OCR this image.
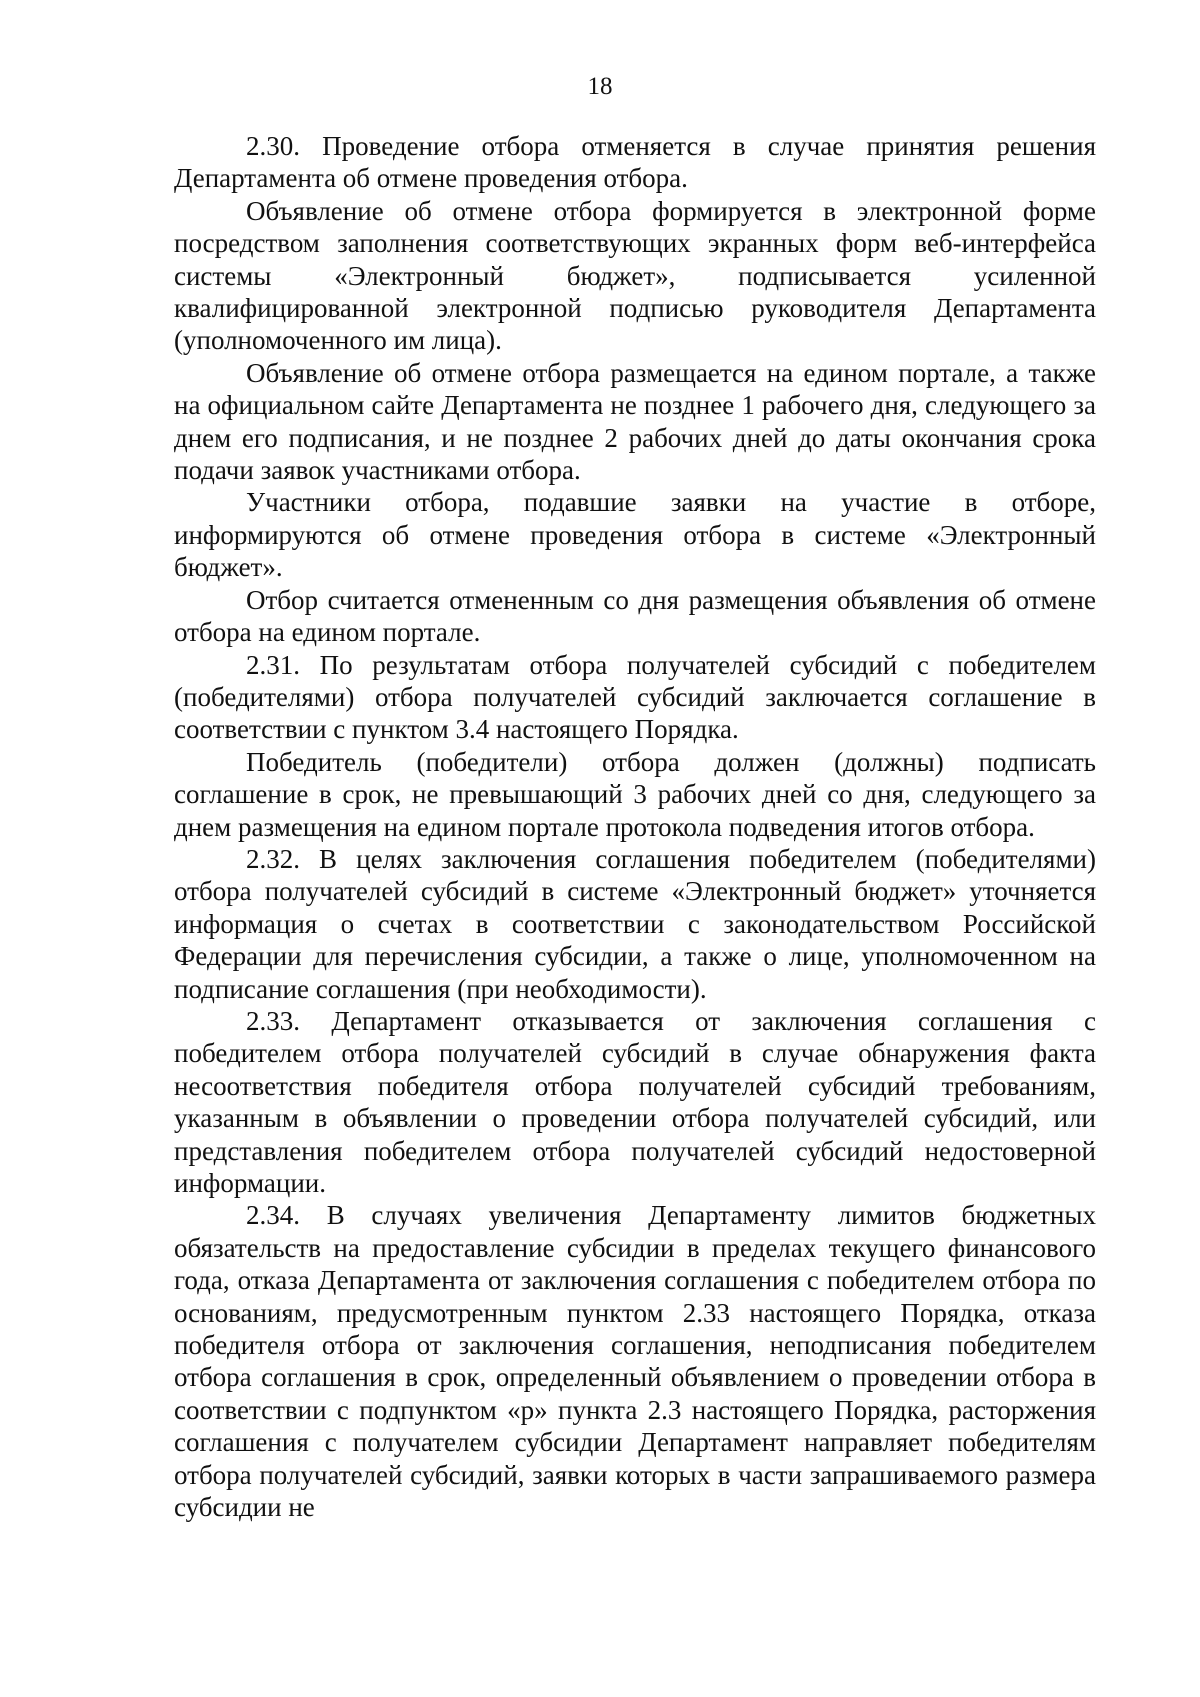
18

2.30. Проведение отбора отменяется в случае принятия решения Департамента об отмене проведения отбора.

Объявление об отмене отбора формируется в электронной форме посредством заполнения соответствующих экранных форм веб-интерфейса системы «Электронный бюджет», подписывается усиленной квалифицированной электронной подписью руководителя Департамента (уполномоченного им лица).

Объявление об отмене отбора размещается на едином портале, а также на официальном сайте Департамента не позднее 1 рабочего дня, следующего за днем его подписания, и не позднее 2 рабочих дней до даты окончания срока подачи заявок участниками отбора.

Участники отбора, подавшие заявки на участие в отборе, информируются об отмене проведения отбора в системе «Электронный бюджет».

Отбор считается отмененным со дня размещения объявления об отмене отбора на едином портале.

2.31. По результатам отбора получателей субсидий с победителем (победителями) отбора получателей субсидий заключается соглашение в соответствии с пунктом 3.4 настоящего Порядка.

Победитель (победители) отбора должен (должны) подписать соглашение в срок, не превышающий 3 рабочих дней со дня, следующего за днем размещения на едином портале протокола подведения итогов отбора.

2.32. В целях заключения соглашения победителем (победителями) отбора получателей субсидий в системе «Электронный бюджет» уточняется информация о счетах в соответствии с законодательством Российской Федерации для перечисления субсидии, а также о лице, уполномоченном на подписание соглашения (при необходимости).

2.33. Департамент отказывается от заключения соглашения с победителем отбора получателей субсидий в случае обнаружения факта несоответствия победителя отбора получателей субсидий требованиям, указанным в объявлении о проведении отбора получателей субсидий, или представления победителем отбора получателей субсидий недостоверной информации.

2.34. В случаях увеличения Департаменту лимитов бюджетных обязательств на предоставление субсидии в пределах текущего финансового года, отказа Департамента от заключения соглашения с победителем отбора по основаниям, предусмотренным пунктом 2.33 настоящего Порядка, отказа победителя отбора от заключения соглашения, неподписания победителем отбора соглашения в срок, определенный объявлением о проведении отбора в соответствии с подпунктом «р» пункта 2.3 настоящего Порядка, расторжения соглашения с получателем субсидии Департамент направляет победителям отбора получателей субсидий, заявки которых в части запрашиваемого размера субсидии не
